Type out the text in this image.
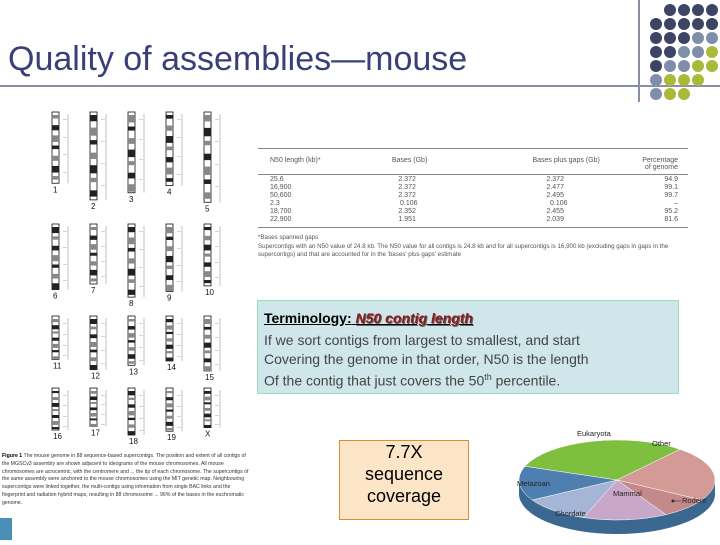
Quality of assemblies—mouse
—
—
—
—
1
—
—
—
—
2
—
—
—
—
3
—
—
—
—
4
—
—
—
—
5
—
—
—
—
6
—
—
—
—
7
—
—
—
—
8
—
—
—
—
9
—
—
—
—
10
—
—
—
—
11
—
—
—
—
12
—
—
—
—
13
—
—
—
—
14
—
—
—
—
15
—
—
—
—
16
—
—
—
—
17
—
—
—
—
18
—
—
—
—
19
—
—
—
—
X
Figure 1 The mouse genome in 88 sequence-based supercontigs. The position and extent of all contigs of the MGSCv3 assembly are shown adjacent to ideograms of the mouse chromosomes. All mouse chromosomes are acrocentric, with the centromere and ... the tip of each chromosome. The supercontigs of the same assembly were anchored to the mouse chromosomes using the MIT genetic map. Neighbouring supercontigs were linked together, the multi-contigs using information from single BAC links and the fingerprint and radiation hybrid maps, resulting in 88 chromosome ... 96% of the bases in the euchromatic genome.
N50 length (kb)*	Bases (Gb)	Bases plus gaps (Gb)	Percentage of genome
25.6	2.372	2.372	94.9
16,900	2.372	2.477	99.1
50,600	2.372	2.495	99.7
2.3	0.106	0.106	–
18,700	2.352	2.455	95.2
22,900	1.951	2.039	81.6
*Bases spanned gaps
Supercontigs with an N50 value of 24.8 kb. The N50 value for all contigs is 24.8 kb and for all supercontigs is 16,900 kb (excluding gaps in gaps in the supercontigs) and that are accounted for in the 'bases' plus gaps' estimate
Terminology: N50 contig length
If we sort contigs from largest to smallest, and start
Covering the genome in that order, N50 is the length
Of the contig that just covers the 50th percentile.
7.7X
sequence
coverage
Eukaryota
Other
Metazoan
Mammal
Rodent
Chordate
